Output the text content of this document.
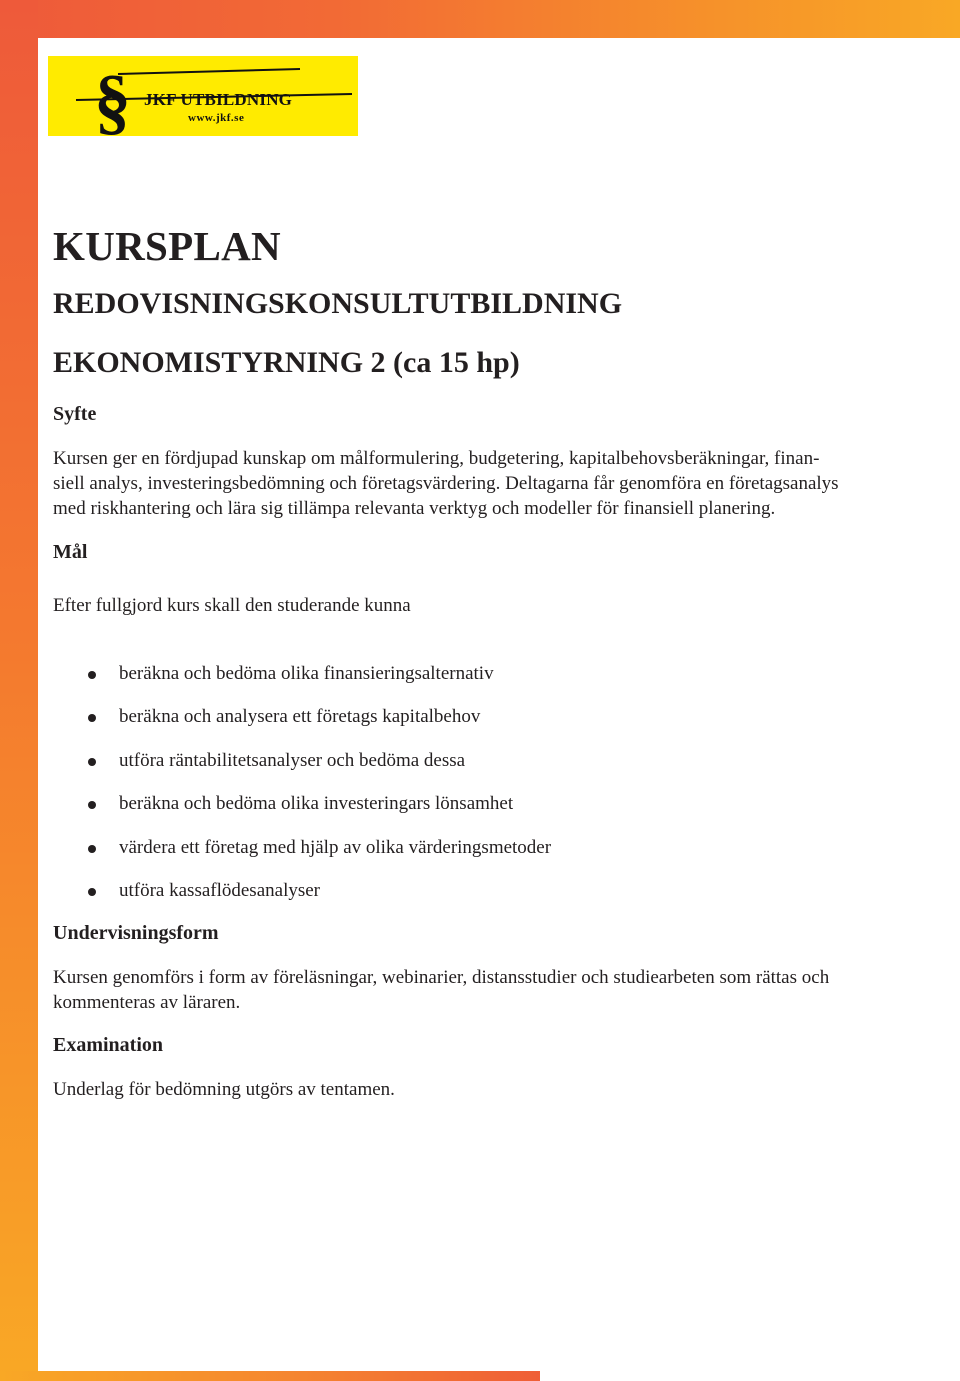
§ JKF UTBILDNING
www.jkf.se
KURSPLAN
REDOVISNINGSKONSULTUTBILDNING
EKONOMISTYRNING 2 (ca 15 hp)
Syfte
Kursen ger en fördjupad kunskap om målformulering, budgetering, kapitalbehovsberäkningar, finan-
siell analys, investeringsbedömning och företagsvärdering. Deltagarna får genomföra en företagsanalys
med riskhantering och lära sig tillämpa relevanta verktyg och modeller för finansiell planering.
Mål
Efter fullgjord kurs skall den studerande kunna
beräkna och bedöma olika finansieringsalternativ
beräkna och analysera ett företags kapitalbehov
utföra räntabilitetsanalyser och bedöma dessa
beräkna och bedöma olika investeringars lönsamhet
värdera ett företag med hjälp av olika värderingsmetoder
utföra kassaflödesanalyser
Undervisningsform
Kursen genomförs i form av föreläsningar, webinarier, distansstudier och studiearbeten som rättas och
kommenteras av läraren.
Examination
Underlag för bedömning utgörs av tentamen.
